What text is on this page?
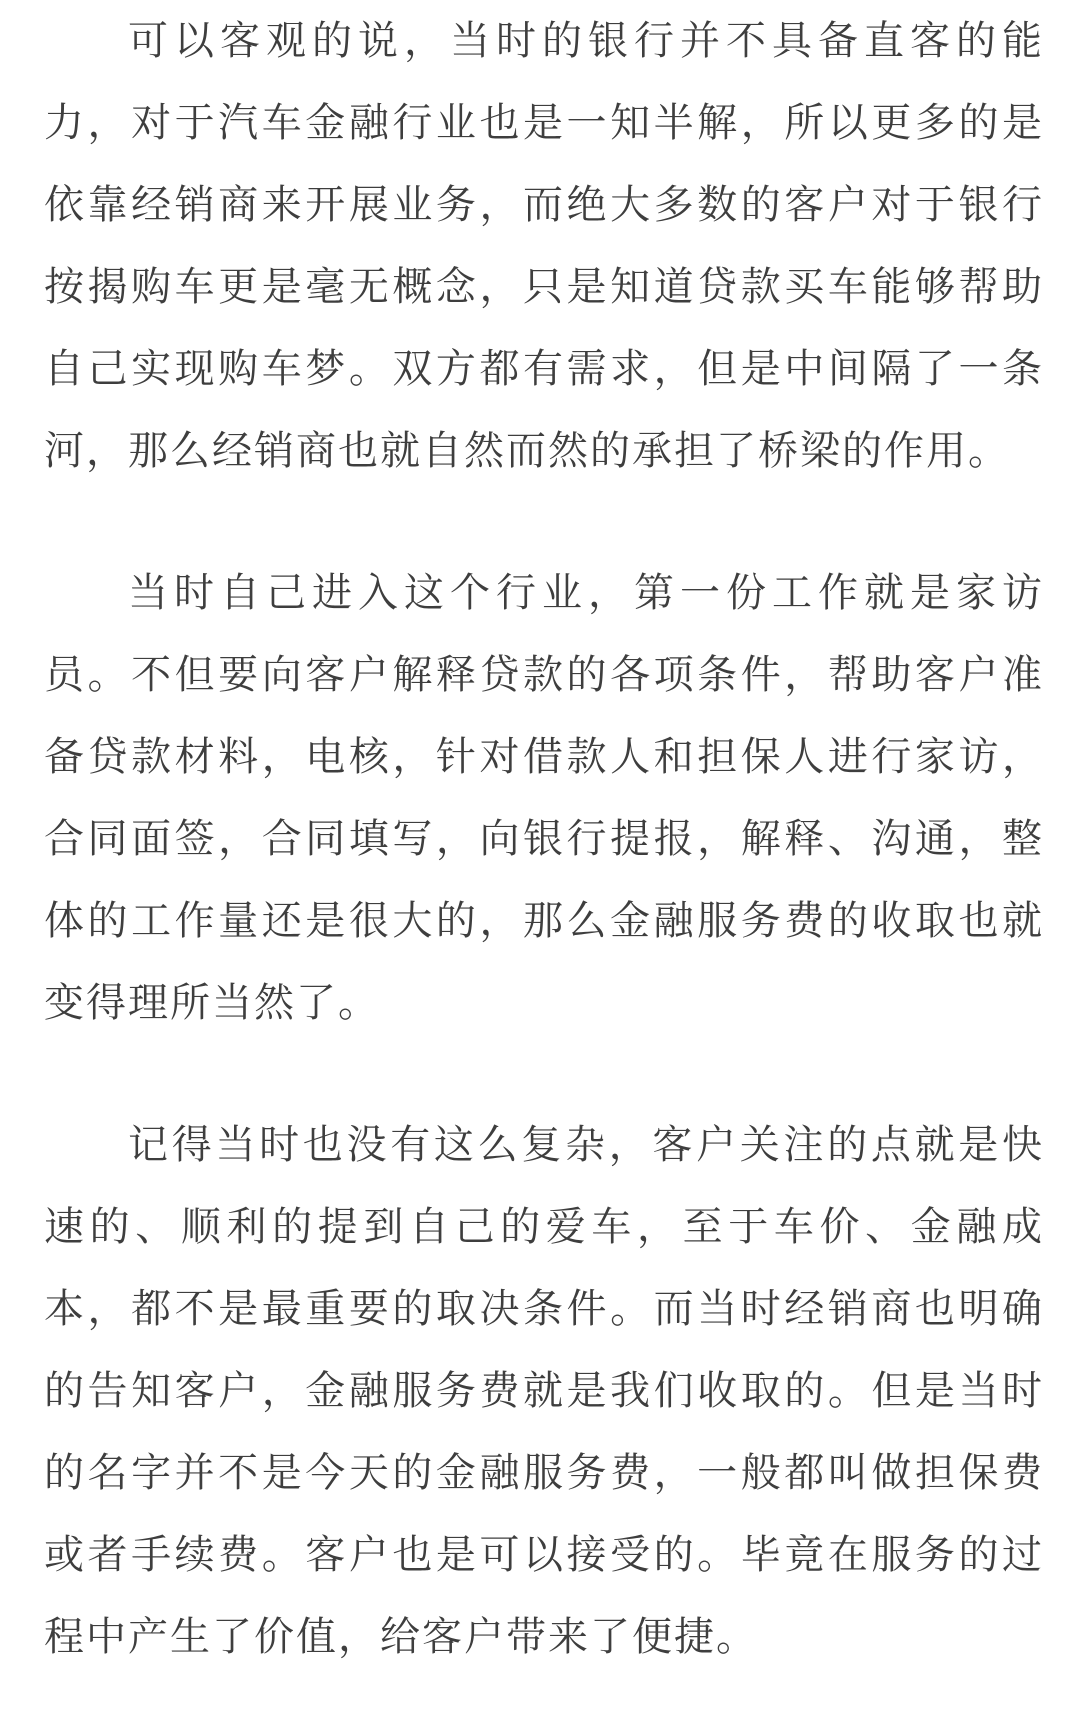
可以客观的说，当时的银行并不具备直客的能力，对于汽车金融行业也是一知半解，所以更多的是依靠经销商来开展业务，而绝大多数的客户对于银行按揭购车更是毫无概念，只是知道贷款买车能够帮助自己实现购车梦。双方都有需求，但是中间隔了一条河，那么经销商也就自然而然的承担了桥梁的作用。

当时自己进入这个行业，第一份工作就是家访员。不但要向客户解释贷款的各项条件，帮助客户准备贷款材料，电核，针对借款人和担保人进行家访，合同面签，合同填写，向银行提报，解释、沟通，整体的工作量还是很大的，那么金融服务费的收取也就变得理所当然了。

记得当时也没有这么复杂，客户关注的点就是快速的、顺利的提到自己的爱车，至于车价、金融成本，都不是最重要的取决条件。而当时经销商也明确的告知客户，金融服务费就是我们收取的。但是当时的名字并不是今天的金融服务费，一般都叫做担保费或者手续费。客户也是可以接受的。毕竟在服务的过程中产生了价值，给客户带来了便捷。
